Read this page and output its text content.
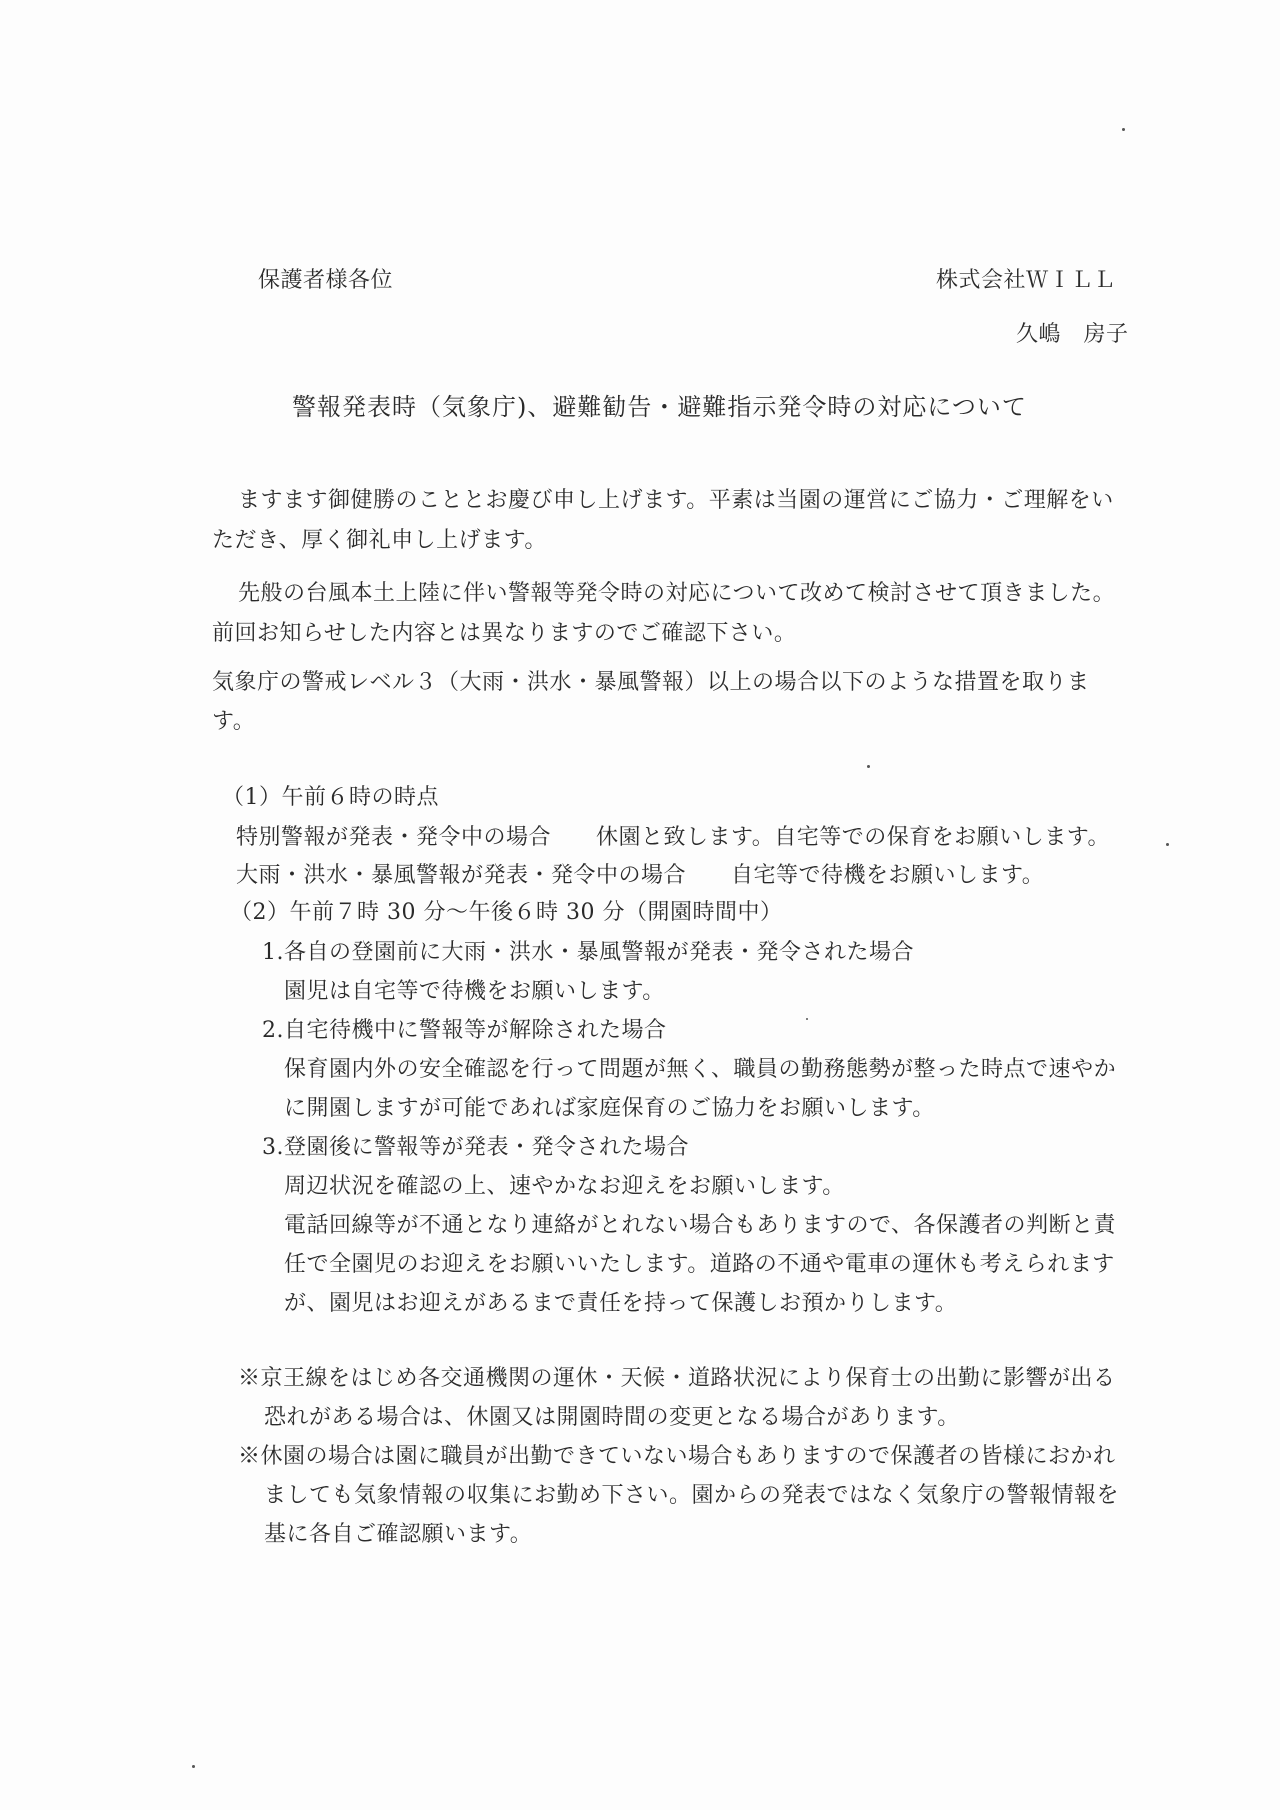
保護者様各位	株式会社ＷＩＬＬ
久嶋　房子
警報発表時（気象庁)、避難勧告・避難指示発令時の対応について
ますます御健勝のこととお慶び申し上げます。平素は当園の運営にご協力・ご理解をい
ただき、厚く御礼申し上げます。
先般の台風本土上陸に伴い警報等発令時の対応について改めて検討させて頂きました。
前回お知らせした内容とは異なりますのでご確認下さい。
気象庁の警戒レベル３（大雨・洪水・暴風警報）以上の場合以下のような措置を取りま
す。
（1）午前６時の時点
特別警報が発表・発令中の場合　　休園と致します。自宅等での保育をお願いします。
大雨・洪水・暴風警報が発表・発令中の場合　　自宅等で待機をお願いします。
（2）午前７時 30 分～午後６時 30 分（開園時間中）
1.各自の登園前に大雨・洪水・暴風警報が発表・発令された場合
園児は自宅等で待機をお願いします。
2.自宅待機中に警報等が解除された場合
保育園内外の安全確認を行って問題が無く、職員の勤務態勢が整った時点で速やか
に開園しますが可能であれば家庭保育のご協力をお願いします。
3.登園後に警報等が発表・発令された場合
周辺状況を確認の上、速やかなお迎えをお願いします。
電話回線等が不通となり連絡がとれない場合もありますので、各保護者の判断と責
任で全園児のお迎えをお願いいたします。道路の不通や電車の運休も考えられます
が、園児はお迎えがあるまで責任を持って保護しお預かりします。
※京王線をはじめ各交通機関の運休・天候・道路状況により保育士の出勤に影響が出る
恐れがある場合は、休園又は開園時間の変更となる場合があります。
※休園の場合は園に職員が出勤できていない場合もありますので保護者の皆様におかれ
ましても気象情報の収集にお勤め下さい。園からの発表ではなく気象庁の警報情報を
基に各自ご確認願います。
